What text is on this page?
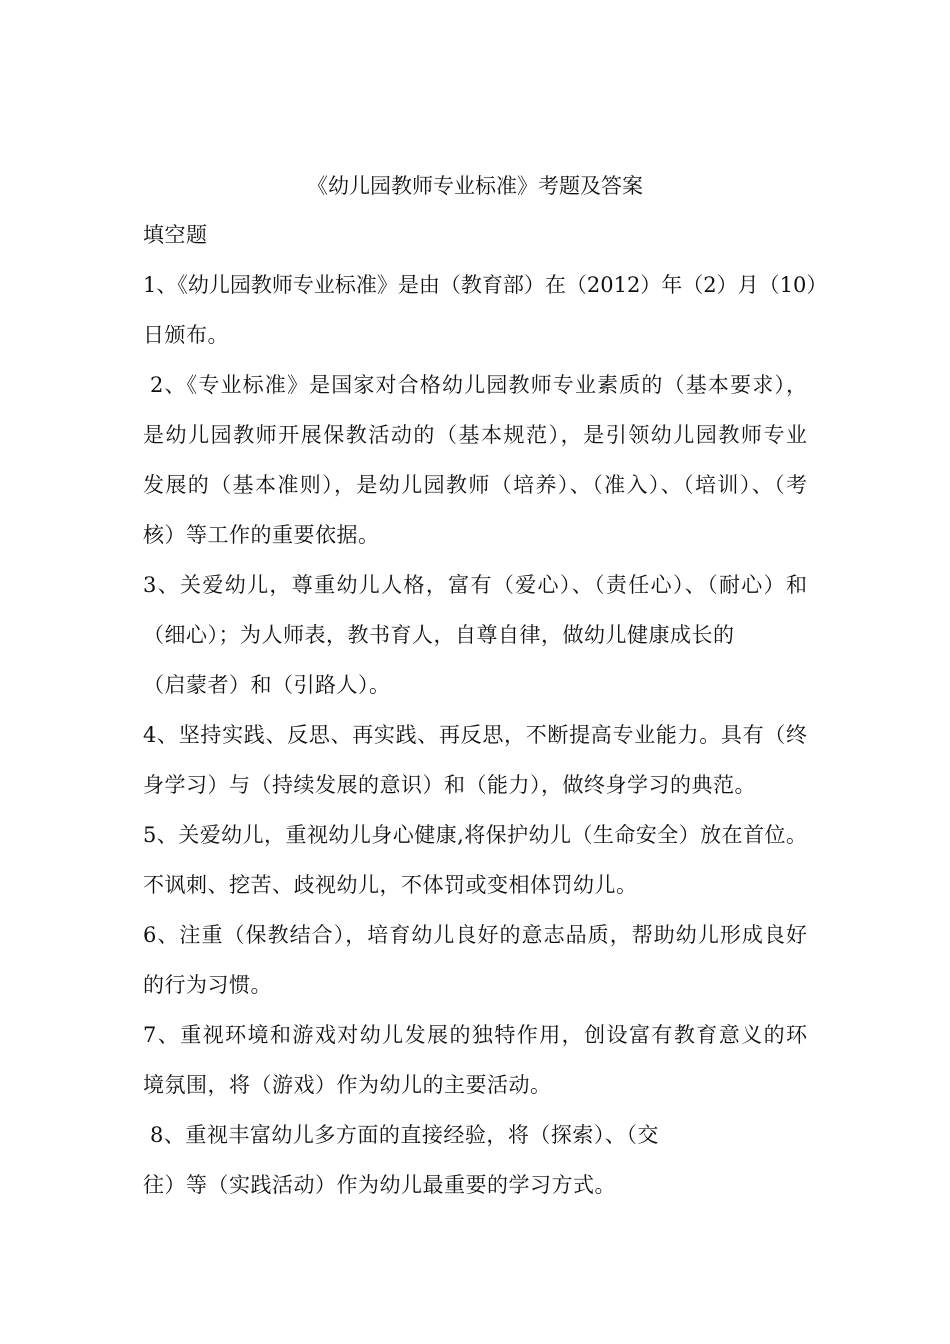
《幼儿园教师专业标准》考题及答案
填空题
1、《幼儿园教师专业标准》是由（教育部）在（2012）年（2）月（10）
日颁布。
2、《专业标准》是国家对合格幼儿园教师专业素质的（基本要求），
是幼儿园教师开展保教活动的（基本规范），是引领幼儿园教师专业
发展的（基本准则），是幼儿园教师（培养）、（准入）、（培训）、（考
核）等工作的重要依据。
3、关爱幼儿，尊重幼儿人格，富有（爱心）、（责任心）、（耐心）和
（细心）；为人师表，教书育人，自尊自律，做幼儿健康成长的
（启蒙者）和（引路人）。
4、坚持实践、反思、再实践、再反思，不断提高专业能力。具有（终
身学习）与（持续发展的意识）和（能力），做终身学习的典范。
5、关爱幼儿，重视幼儿身心健康,将保护幼儿（生命安全）放在首位。
不讽刺、挖苦、歧视幼儿，不体罚或变相体罚幼儿。
6、注重（保教结合），培育幼儿良好的意志品质，帮助幼儿形成良好
的行为习惯。
7、重视环境和游戏对幼儿发展的独特作用，创设富有教育意义的环
境氛围，将（游戏）作为幼儿的主要活动。
8、重视丰富幼儿多方面的直接经验，将（探索）、（交
往）等（实践活动）作为幼儿最重要的学习方式。
